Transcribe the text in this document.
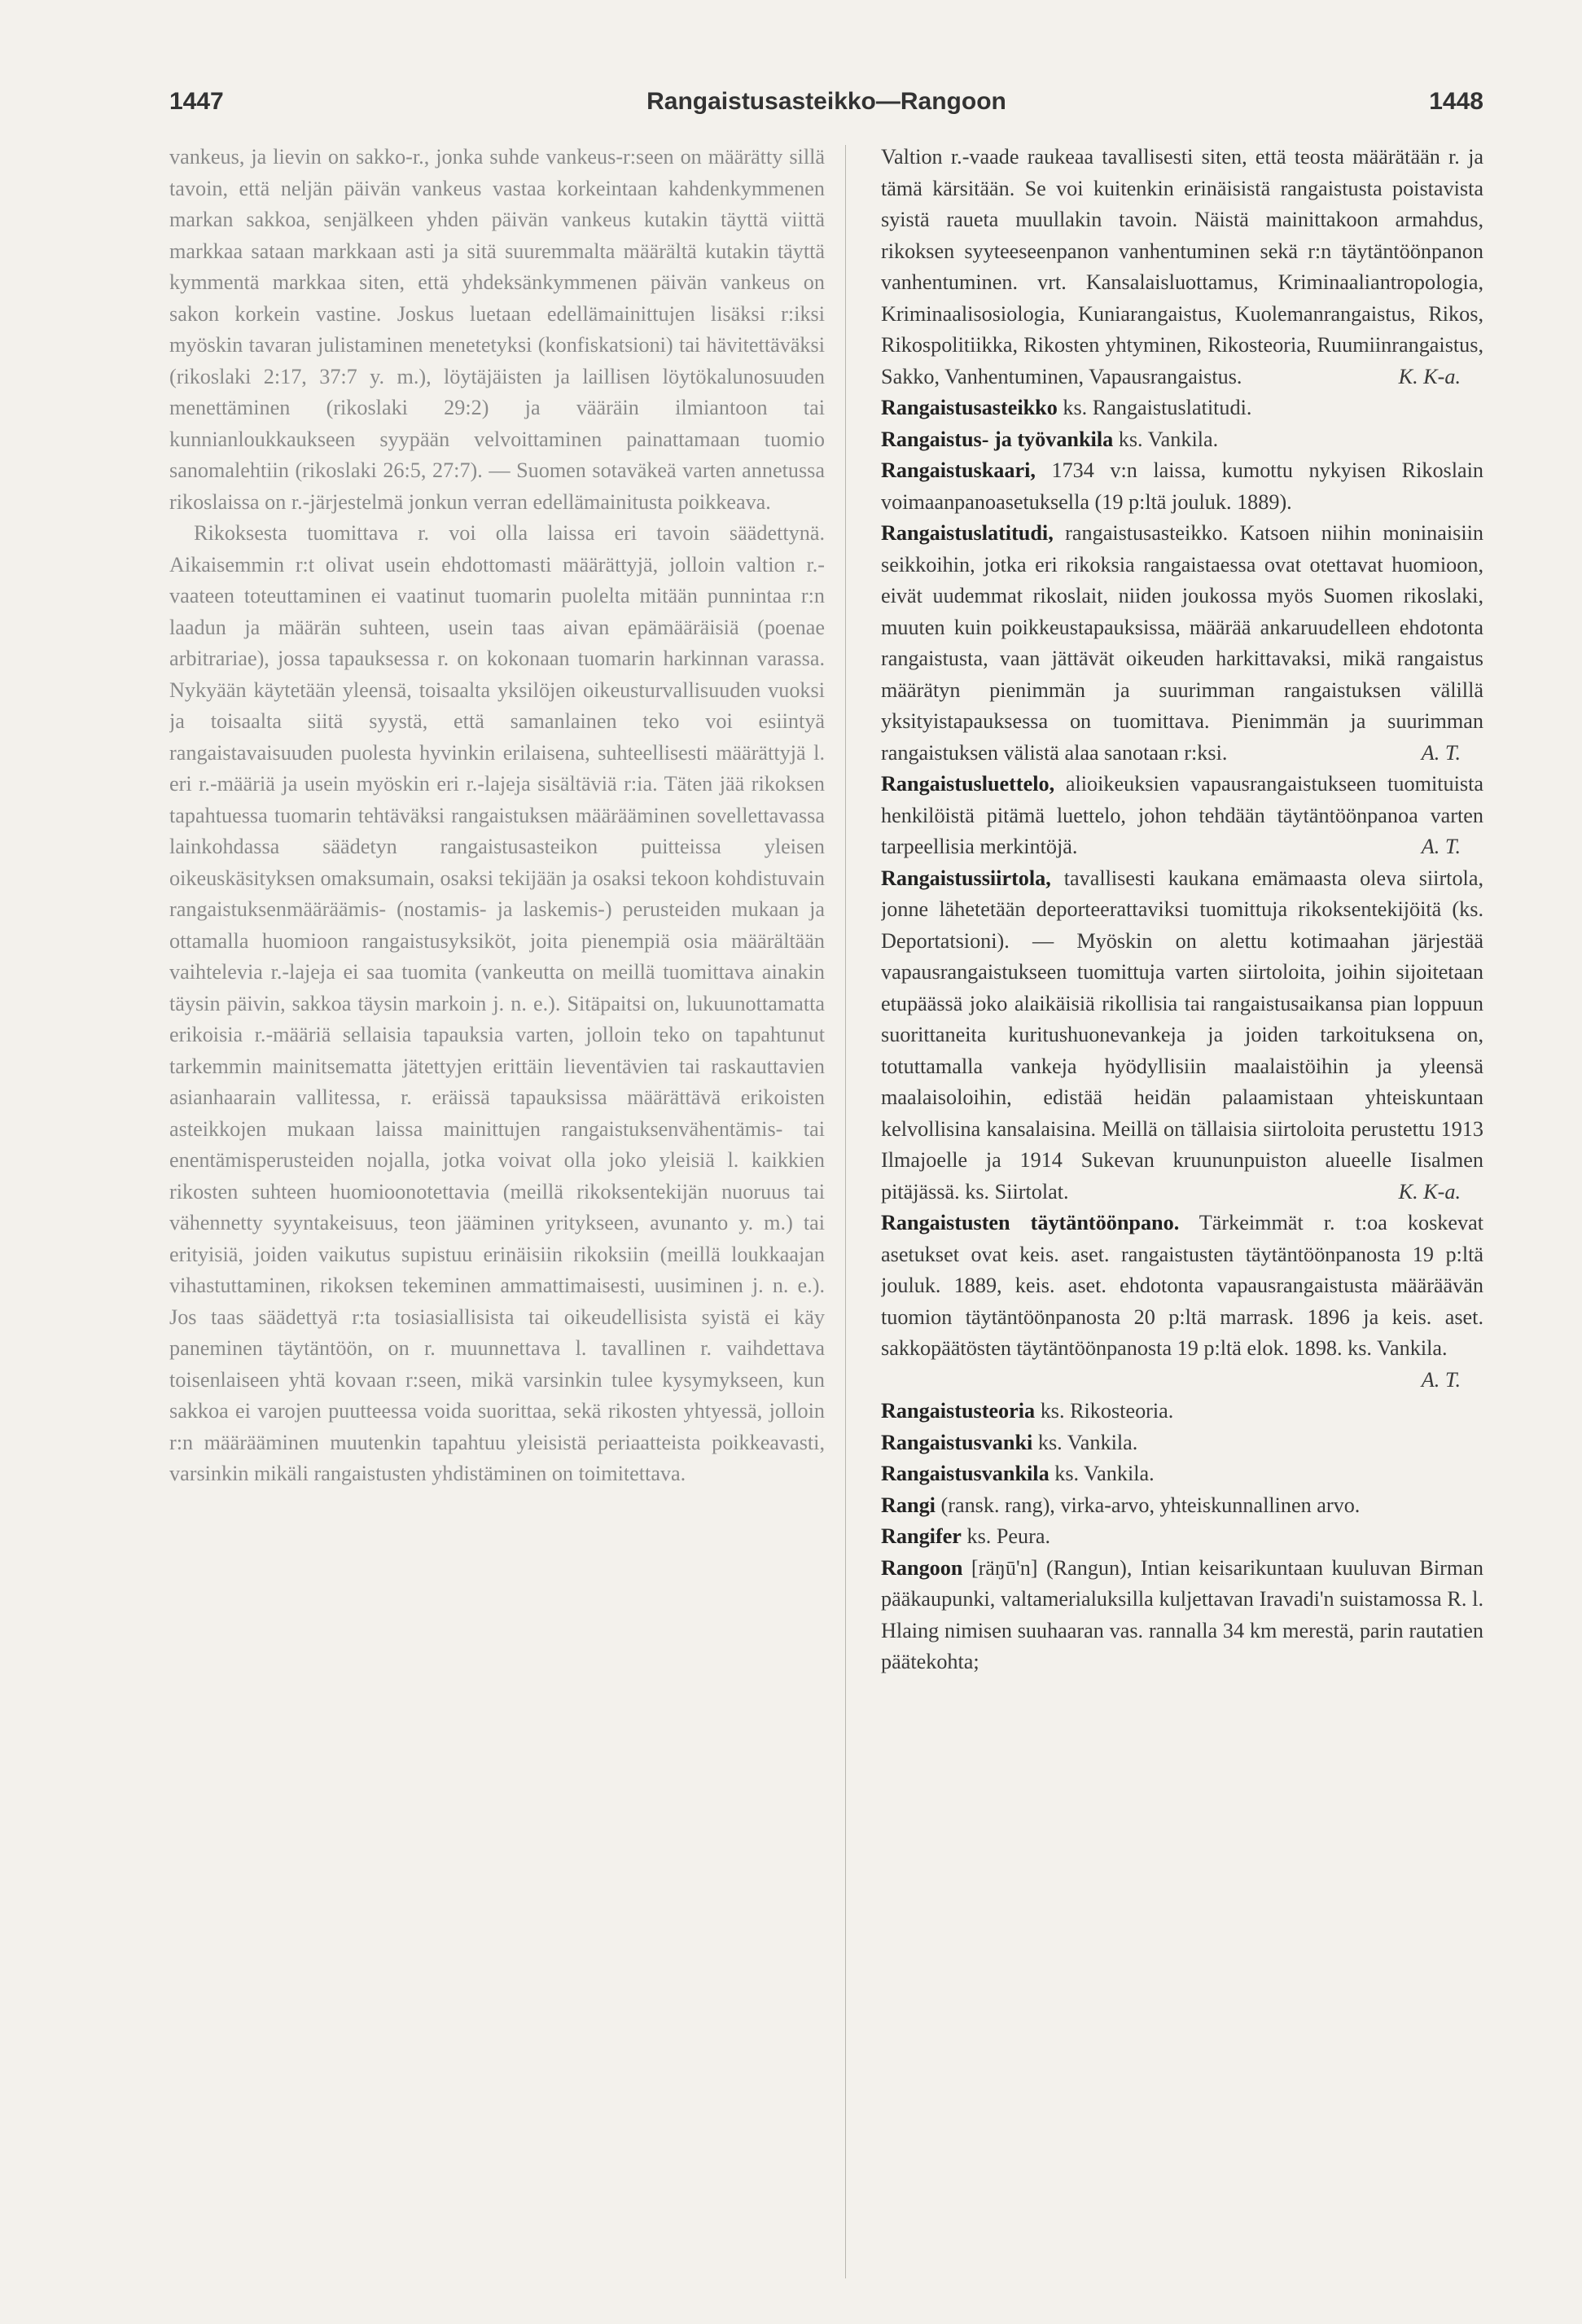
1447	Rangaistusasteikko—Rangoon	1448

vankeus, ja lievin on sakko-r., jonka suhde vankeus-r:seen on määrätty sillä tavoin, että neljän päivän vankeus vastaa korkeintaan kahdenkymmenen markan sakkoa, senjälkeen yhden päivän vankeus kutakin täyttä viittä markkaa sataan markkaan asti ja sitä suuremmalta määrältä kutakin täyttä kymmentä markkaa siten, että yhdeksänkymmenen päivän vankeus on sakon korkein vastine. Joskus luetaan edellämainittujen lisäksi r:iksi myöskin tavaran julistaminen menetetyksi (konfiskatsioni) tai hävitettäväksi (rikoslaki 2:17, 37:7 y. m.), löytäjäisten ja laillisen löytökalunosuuden menettäminen (rikoslaki 29:2) ja vääräin ilmiantoon tai kunnianloukkaukseen syypään velvoittaminen painattamaan tuomio sanomalehtiin (rikoslaki 26:5, 27:7). — Suomen sotaväkeä varten annetussa rikoslaissa on r.-järjestelmä jonkun verran edellämainitusta poikkeava.

Rikoksesta tuomittava r. voi olla laissa eri tavoin säädettynä. Aikaisemmin r:t olivat usein ehdottomasti määrättyjä, jolloin valtion r.-vaateen toteuttaminen ei vaatinut tuomarin puolelta mitään punnintaa r:n laadun ja määrän suhteen, usein taas aivan epämääräisiä (poenae arbitrariae), jossa tapauksessa r. on kokonaan tuomarin harkinnan varassa. Nykyään käytetään yleensä, toisaalta yksilöjen oikeusturvallisuuden vuoksi ja toisaalta siitä syystä, että samanlainen teko voi esiintyä rangaistavaisuuden puolesta hyvinkin erilaisena, suhteellisesti määrättyjä l. eri r.-määriä ja usein myöskin eri r.-lajeja sisältäviä r:ia. Täten jää rikoksen tapahtuessa tuomarin tehtäväksi rangaistuksen määrääminen sovellettavassa lainkohdassa säädetyn rangaistusasteikon puitteissa yleisen oikeuskäsityksen omaksumain, osaksi tekijään ja osaksi tekoon kohdistuvain rangaistuksenmääräämis- (nostamis- ja laskemis-) perusteiden mukaan ja ottamalla huomioon rangaistusyksiköt, joita pienempiä osia määrältään vaihtelevia r.-lajeja ei saa tuomita (vankeutta on meillä tuomittava ainakin täysin päivin, sakkoa täysin markoin j. n. e.). Sitäpaitsi on, lukuunottamatta erikoisia r.-määriä sellaisia tapauksia varten, jolloin teko on tapahtunut tarkemmin mainitsematta jätettyjen erittäin lieventävien tai raskauttavien asianhaarain vallitessa, r. eräissä tapauksissa määrättävä erikoisten asteikkojen mukaan laissa mainittujen rangaistuksenvähentämis- tai enentämisperusteiden nojalla, jotka voivat olla joko yleisiä l. kaikkien rikosten suhteen huomioonotettavia (meillä rikoksentekijän nuoruus tai vähennetty syyntakeisuus, teon jääminen yritykseen, avunanto y. m.) tai erityisiä, joiden vaikutus supistuu erinäisiin rikoksiin (meillä loukkaajan vihastuttaminen, rikoksen tekeminen ammattimaisesti, uusiminen j. n. e.). Jos taas säädettyä r:ta tosiasiallisista tai oikeudellisista syistä ei käy paneminen täytäntöön, on r. muunnettava l. tavallinen r. vaihdettava toisenlaiseen yhtä kovaan r:seen, mikä varsinkin tulee kysymykseen, kun sakkoa ei varojen puutteessa voida suorittaa, sekä rikosten yhtyessä, jolloin r:n määrääminen muutenkin tapahtuu yleisistä periaatteista poikkeavasti, varsinkin mikäli rangaistusten yhdistäminen on toimitettava.

Valtion r.-vaade raukeaa tavallisesti siten, että teosta määrätään r. ja tämä kärsitään. Se voi kuitenkin erinäisistä rangaistusta poistavista syistä raueta muullakin tavoin. Näistä mainittakoon armahdus, rikoksen syyteeseenpanon vanhentuminen sekä r:n täytäntöönpanon vanhentuminen. vrt. Kansalaisluottamus, Kriminaaliantropologia, Kriminaalisosiologia, Kuniarangaistus, Kuolemanrangaistus, Rikos, Rikospolitiikka, Rikosten yhtyminen, Rikosteoria, Ruumiinrangaistus, Sakko, Vanhentuminen, Vapausrangaistus.	K. K-a.

Rangaistusasteikko ks. Rangaistuslatitudi.

Rangaistus- ja työvankila ks. Vankila.

Rangaistuskaari, 1734 v:n laissa, kumottu nykyisen Rikoslain voimaanpanoasetuksella (19 p:ltä jouluk. 1889).

Rangaistuslatitudi, rangaistusasteikko. Katsoen niihin moninaisiin seikkoihin, jotka eri rikoksia rangaistaessa ovat otettavat huomioon, eivät uudemmat rikoslait, niiden joukossa myös Suomen rikoslaki, muuten kuin poikkeustapauksissa, määrää ankaruudelleen ehdotonta rangaistusta, vaan jättävät oikeuden harkittavaksi, mikä rangaistus määrätyn pienimmän ja suurimman rangaistuksen välillä yksityistapauksessa on tuomittava. Pienimmän ja suurimman rangaistuksen välistä alaa sanotaan r:ksi.	A. T.

Rangaistusluettelo, alioikeuksien vapausrangaistukseen tuomituista henkilöistä pitämä luettelo, johon tehdään täytäntöönpanoa varten tarpeellisia merkintöjä.	A. T.

Rangaistussiirtola, tavallisesti kaukana emämaasta oleva siirtola, jonne lähetetään deporteerattaviksi tuomittuja rikoksentekijöitä (ks. Deportatsioni). — Myöskin on alettu kotimaahan järjestää vapausrangaistukseen tuomittuja varten siirtoloita, joihin sijoitetaan etupäässä joko alaikäisiä rikollisia tai rangaistusaikansa pian loppuun suorittaneita kuritushuonevankeja ja joiden tarkoituksena on, totuttamalla vankeja hyödyllisiin maalaistöihin ja yleensä maalaisoloihin, edistää heidän palaamistaan yhteiskuntaan kelvollisina kansalaisina. Meillä on tällaisia siirtoloita perustettu 1913 Ilmajoelle ja 1914 Sukevan kruununpuiston alueelle Iisalmen pitäjässä. ks. Siirtolat.	K. K-a.

Rangaistusten täytäntöönpano. Tärkeimmät r. t:oa koskevat asetukset ovat keis. aset. rangaistusten täytäntöönpanosta 19 p:ltä jouluk. 1889, keis. aset. ehdotonta vapausrangaistusta määräävän tuomion täytäntöönpanosta 20 p:ltä marrask. 1896 ja keis. aset. sakkopäätösten täytäntöönpanosta 19 p:ltä elok. 1898. ks. Vankila.
A. T.

Rangaistusteoria ks. Rikosteoria.

Rangaistusvanki ks. Vankila.

Rangaistusvankila ks. Vankila.

Rangi (ransk. rang), virka-arvo, yhteiskunnallinen arvo.

Rangifer ks. Peura.

Rangoon [räŋū'n] (Rangun), Intian keisarikuntaan kuuluvan Birman pääkaupunki, valtamerialuksilla kuljettavan Iravadi'n suistamossa R. l. Hlaing nimisen suuhaaran vas. rannalla 34 km merestä, parin rautatien päätekohta;
